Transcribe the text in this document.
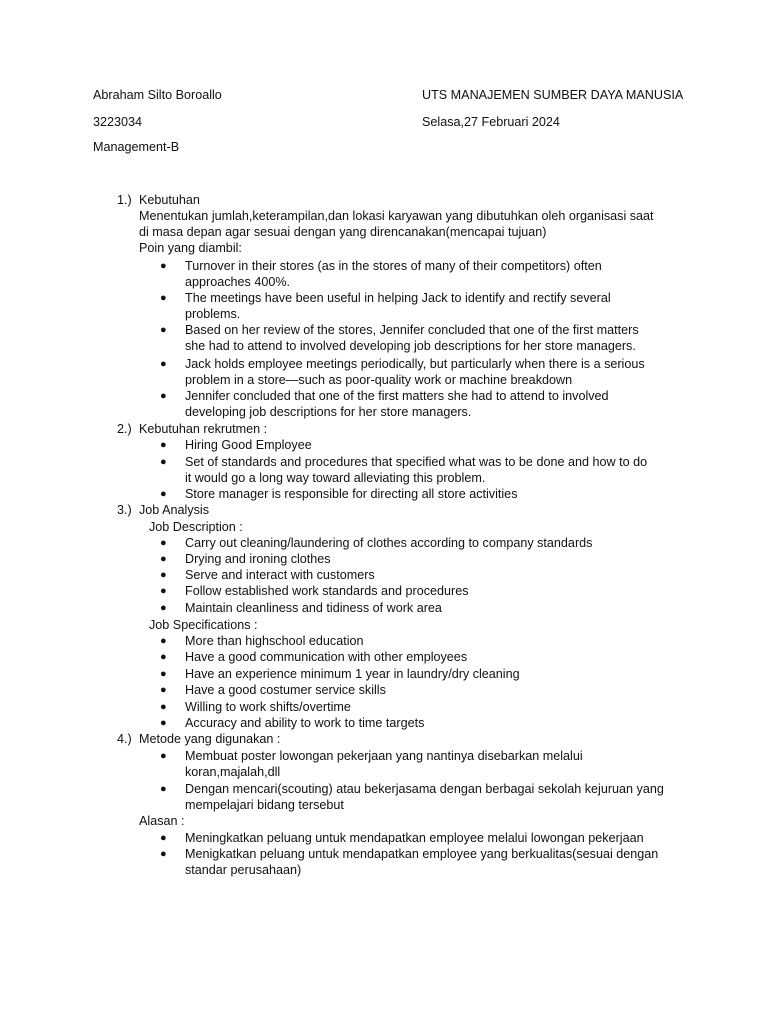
Abraham Silto Boroallo
3223034
Management-B
UTS MANAJEMEN SUMBER DAYA MANUSIA
Selasa,27 Februari 2024
1.) Kebutuhan
Menentukan jumlah,keterampilan,dan lokasi karyawan yang dibutuhkan oleh organisasi saat
di masa depan agar sesuai dengan yang direncanakan(mencapai tujuan)
Poin yang diambil:
● Turnover in their stores (as in the stores of many of their competitors) often
approaches 400%.
● The meetings have been useful in helping Jack to identify and rectify several
problems.
● Based on her review of the stores, Jennifer concluded that one of the first matters
she had to attend to involved developing job descriptions for her store managers.
● Jack holds employee meetings periodically, but particularly when there is a serious
problem in a store—such as poor-quality work or machine breakdown
● Jennifer concluded that one of the first matters she had to attend to involved
developing job descriptions for her store managers.
2.) Kebutuhan rekrutmen :
● Hiring Good Employee
● Set of standards and procedures that specified what was to be done and how to do
it would go a long way toward alleviating this problem.
● Store manager is responsible for directing all store activities
3.) Job Analysis
Job Description :
● Carry out cleaning/laundering of clothes according to company standards
● Drying and ironing clothes
● Serve and interact with customers
● Follow established work standards and procedures
● Maintain cleanliness and tidiness of work area
Job Specifications :
● More than highschool education
● Have a good communication with other employees
● Have an experience minimum 1 year in laundry/dry cleaning
● Have a good costumer service skills
● Willing to work shifts/overtime
● Accuracy and ability to work to time targets
4.) Metode yang digunakan :
● Membuat poster lowongan pekerjaan yang nantinya disebarkan melalui
koran,majalah,dll
● Dengan mencari(scouting) atau bekerjasama dengan berbagai sekolah kejuruan yang
mempelajari bidang tersebut
Alasan :
● Meningkatkan peluang untuk mendapatkan employee melalui lowongan pekerjaan
● Menigkatkan peluang untuk mendapatkan employee yang berkualitas(sesuai dengan
standar perusahaan)
